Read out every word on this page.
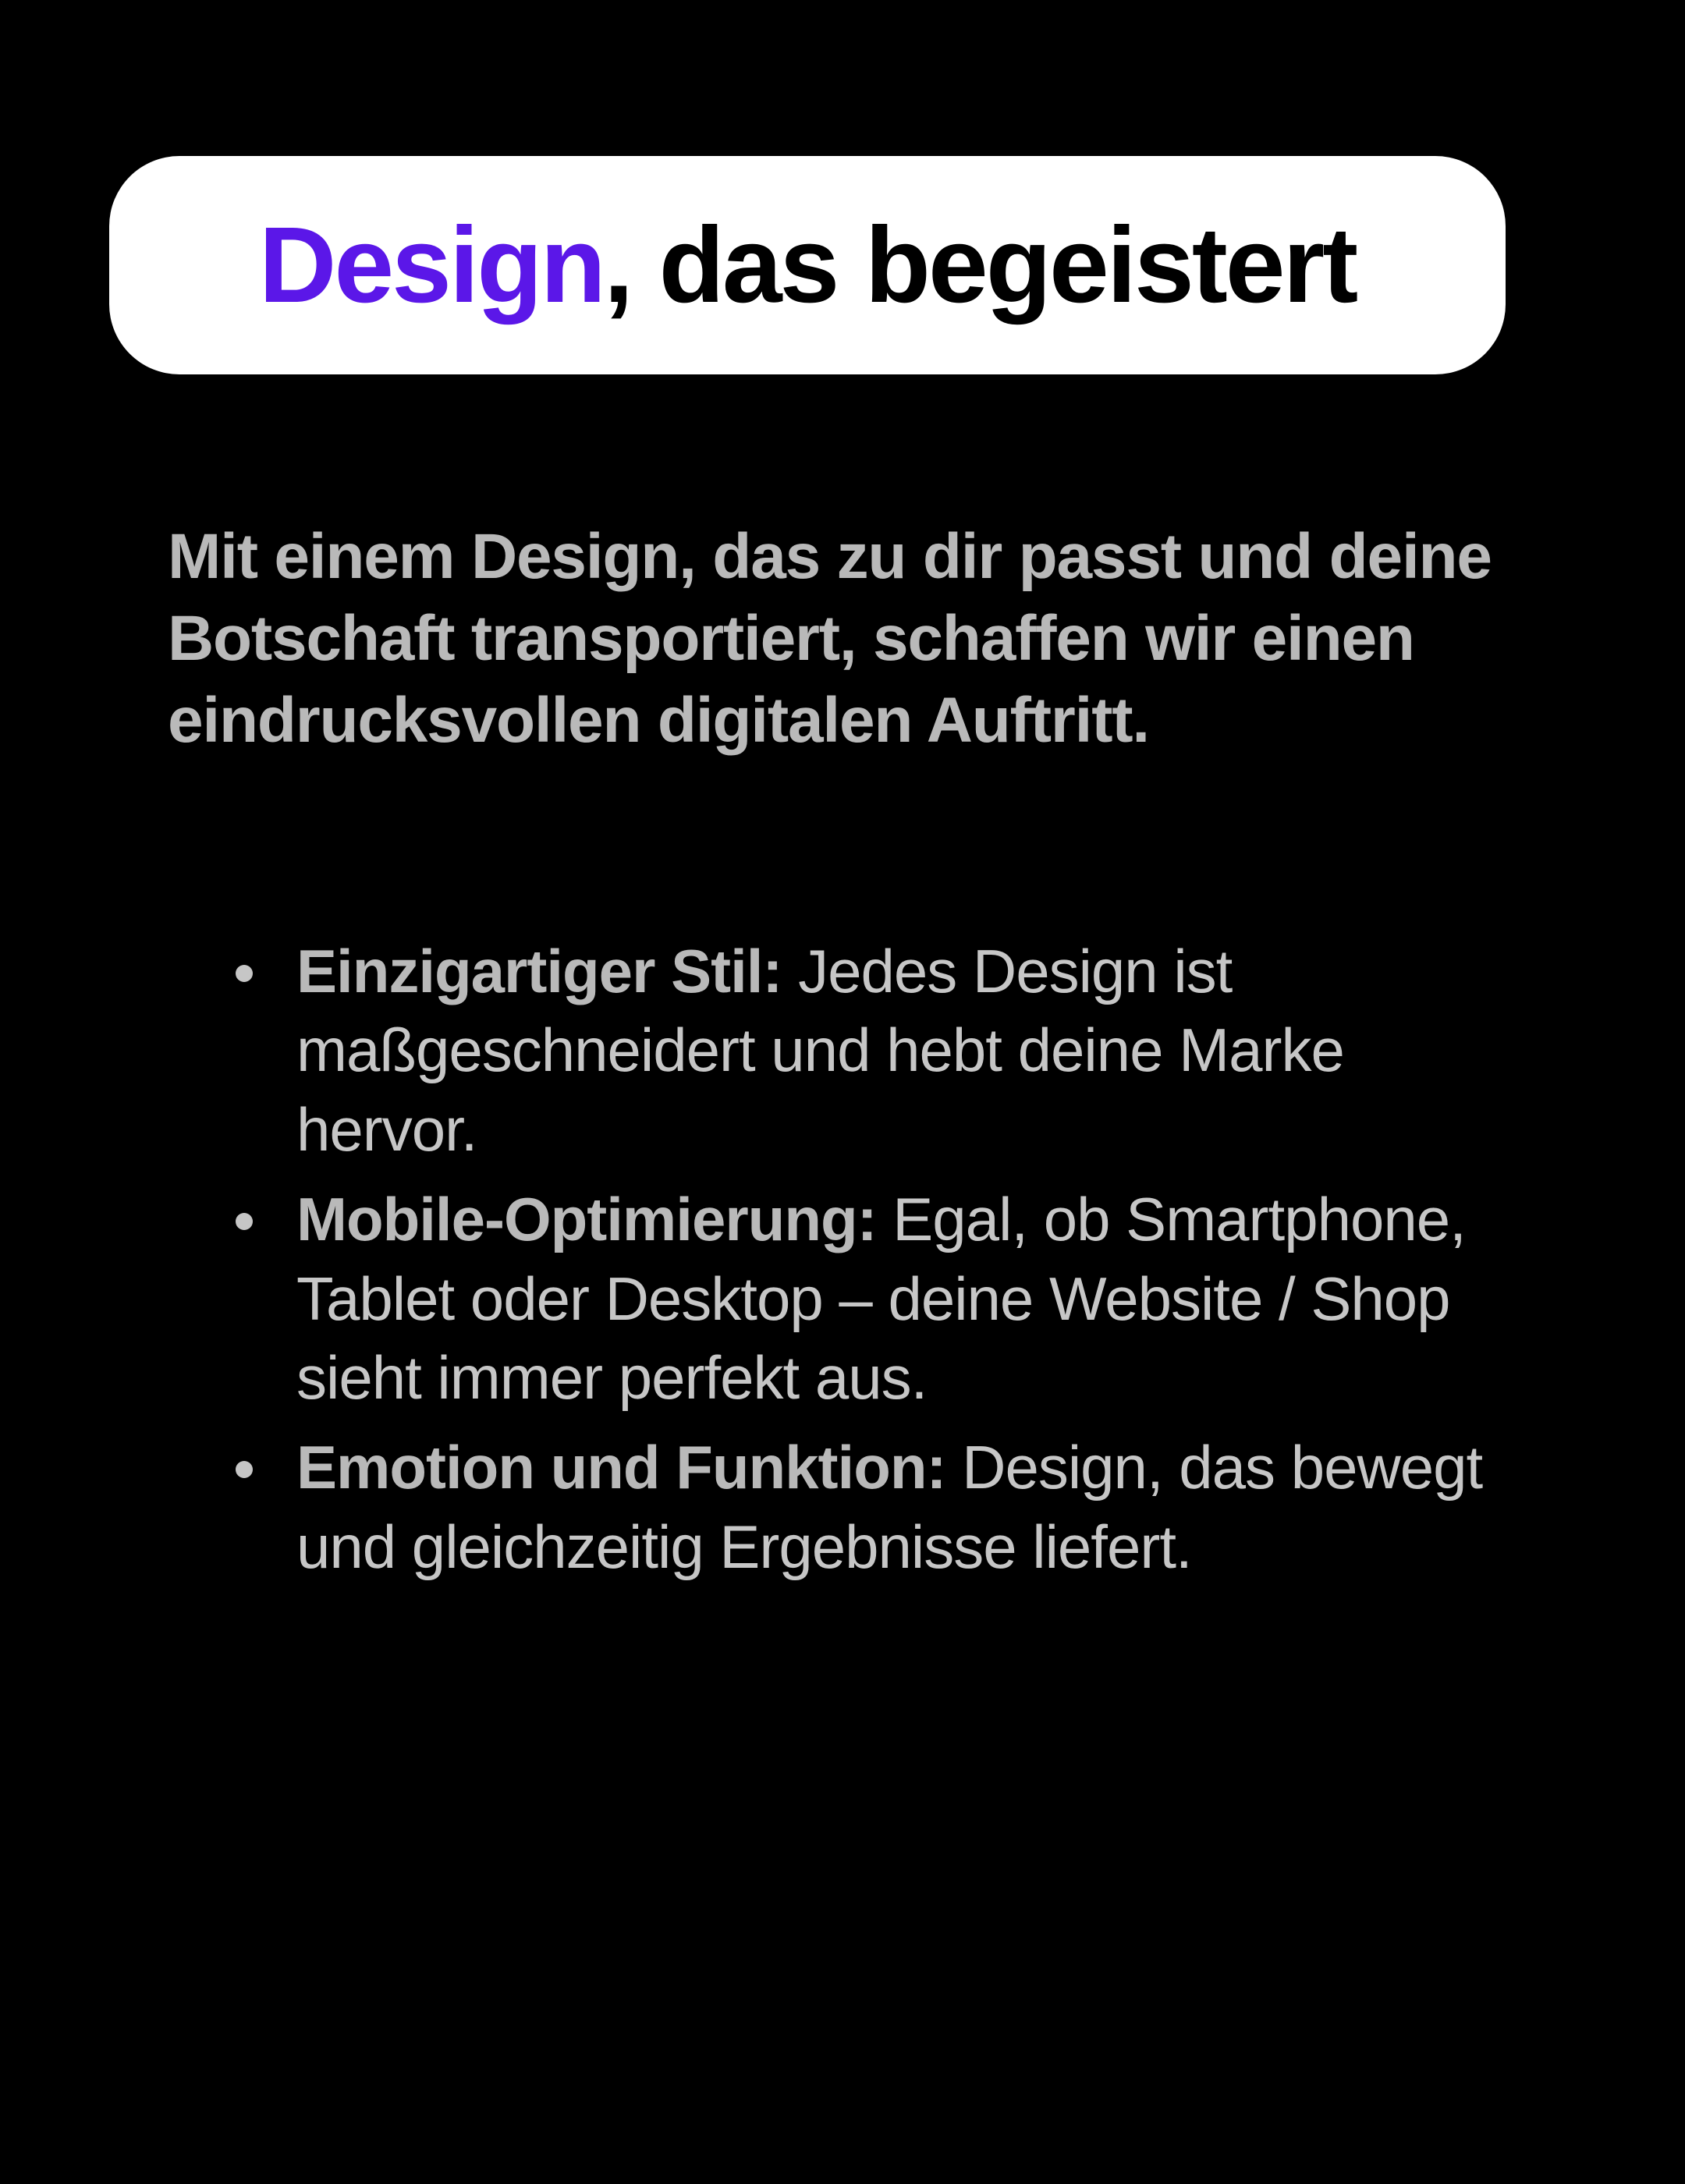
Design, das begeistert

Mit einem Design, das zu dir passt und deine Botschaft transportiert, schaffen wir einen eindrucksvollen digitalen Auftritt.

Einzigartiger Stil: Jedes Design ist maßgeschneidert und hebt deine Marke hervor.
Mobile-Optimierung: Egal, ob Smartphone, Tablet oder Desktop – deine Website / Shop sieht immer perfekt aus.
Emotion und Funktion: Design, das bewegt und gleichzeitig Ergebnisse liefert.
